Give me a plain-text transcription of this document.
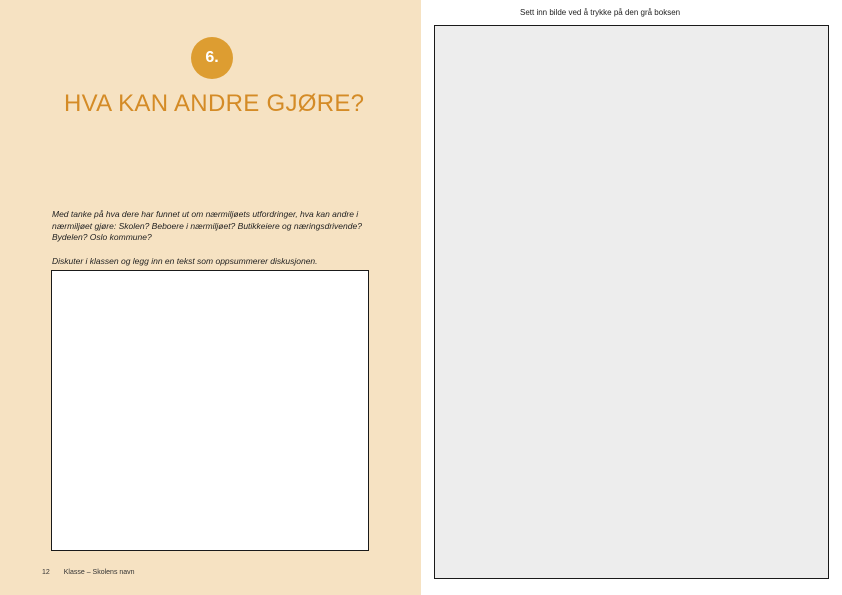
6.
HVA KAN ANDRE GJØRE?

Med tanke på hva dere har funnet ut om nærmiljøets utfordringer, hva kan andre i nærmiljøet gjøre: Skolen? Beboere i nærmiljøet? Butikkeiere og næringsdrivende? Bydelen? Oslo kommune?

Diskuter i klassen og legg inn en tekst som oppsummerer diskusjonen.

12 Klasse – Skolens navn
Sett inn bilde ved å trykke på den grå boksen
